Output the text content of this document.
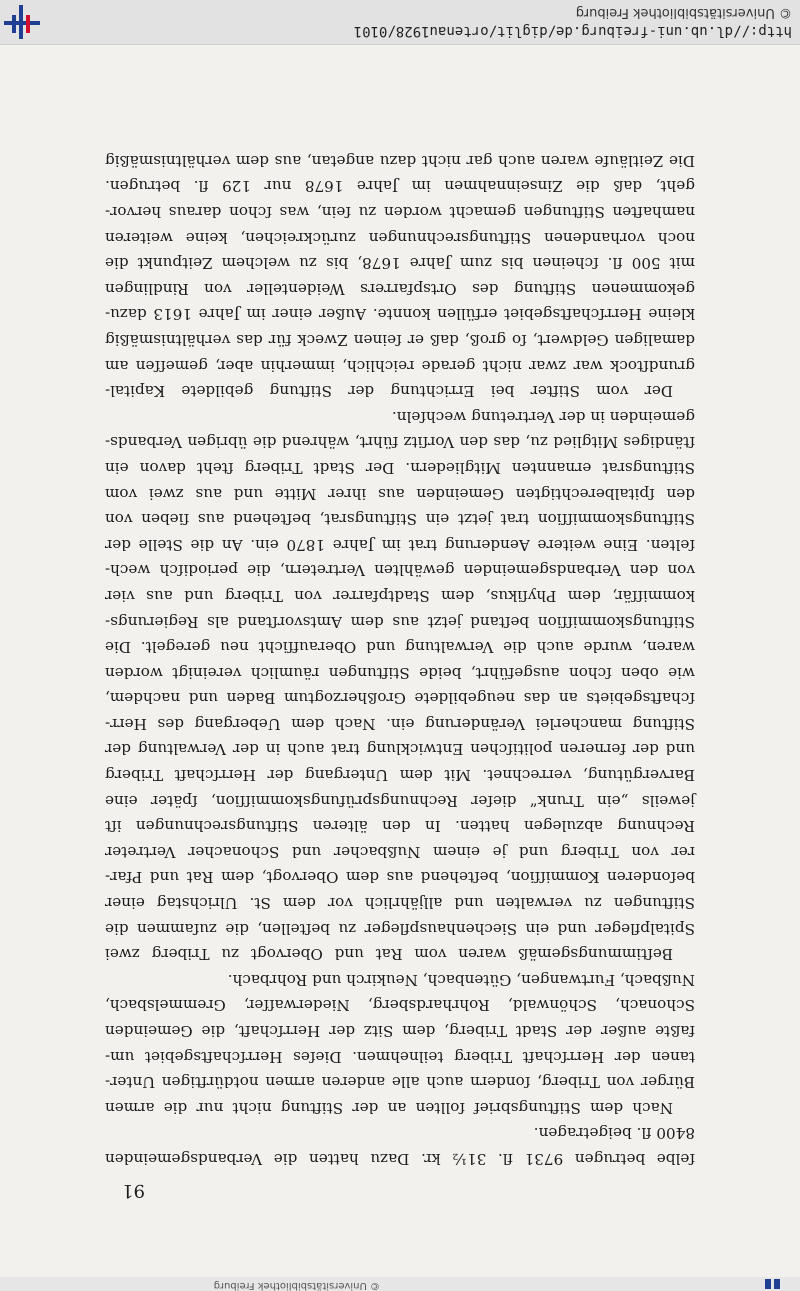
http://dl.ub.uni-freiburg.de/diglit/ortenau1928/0101
© Universitätsbibliothek Freiburg
© Universitätsbibliothek Freiburg
91
ſelbe betrugen 9731 fl. 31½ kr. Dazu hatten die Verbandsgemeinden
8400 fl. beigetragen.
Nach dem Stiftungsbrief ſollten an der Stiftung nicht nur die armen
Bürger von Triberg, ſondern auch alle anderen armen notdürftigen Unter-
tanen der Herrſchaft Triberg teilnehmen. Dieſes Herrſchaftsgebiet um-
faßte außer der Stadt Triberg, dem Sitz der Herrſchaft, die Gemeinden
Schonach, Schönwald, Rohrhardsberg, Niederwaſſer, Gremmelsbach,
Nußbach, Furtwangen, Gütenbach, Neukirch und Rohrbach.
Beſtimmungsgemäß waren vom Rat und Obervogt zu Triberg zwei
Spitalpfleger und ein Siechenhauspfleger zu beſtellen, die zuſammen die
Stiftungen zu verwalten und alljährlich vor dem St. Ulrichstag einer
beſonderen Kommiſſion, beſtehend aus dem Obervogt, dem Rat und Pfar-
rer von Triberg und je einem Nußbacher und Schonacher Vertreter
Rechnung abzulegen hatten. In den älteren Stiftungsrechnungen iſt
jeweils „ein Trunk“ dieſer Rechnungsprüfungskommiſſion, ſpäter eine
Barvergütung, verrechnet. Mit dem Untergang der Herrſchaft Triberg
und der ferneren politiſchen Entwicklung trat auch in der Verwaltung der
Stiftung mancherlei Veränderung ein. Nach dem Uebergang des Herr-
ſchaftsgebiets an das neugebildete Großherzogtum Baden und nachdem,
wie oben ſchon ausgeführt, beide Stiftungen räumlich vereinigt worden
waren, wurde auch die Verwaltung und Oberaufſicht neu geregelt. Die
Stiftungskommiſſion beſtand jetzt aus dem Amtsvorſtand als Regierungs-
kommiſſär, dem Phyſikus, dem Stadtpfarrer von Triberg und aus vier
von den Verbandsgemeinden gewählten Vertretern, die periodiſch wech-
ſelten. Eine weitere Aenderung trat im Jahre 1870 ein. An die Stelle der
Stiftungskommiſſion trat jetzt ein Stiftungsrat, beſtehend aus ſieben von
den ſpitalberechtigten Gemeinden aus ihrer Mitte und aus zwei vom
Stiftungsrat ernannten Mitgliedern. Der Stadt Triberg ſteht davon ein
ſtändiges Mitglied zu, das den Vorſitz führt, während die übrigen Verbands-
gemeinden in der Vertretung wechſeln.
Der vom Stifter bei Errichtung der Stiftung gebildete Kapital-
grundſtock war zwar nicht gerade reichlich, immerhin aber, gemeſſen am
damaligen Geldwert, ſo groß, daß er ſeinen Zweck für das verhältnismäßig
kleine Herrſchaftsgebiet erfüllen konnte. Außer einer im Jahre 1613 dazu-
gekommenen Stiftung des Ortspfarrers Weidenteller von Rindlingen
mit 500 fl. ſcheinen bis zum Jahre 1678, bis zu welchem Zeitpunkt die
noch vorhandenen Stiftungsrechnungen zurückreichen, keine weiteren
namhaften Stiftungen gemacht worden zu ſein, was ſchon daraus hervor-
geht, daß die Zinseinnahmen im Jahre 1678 nur 129 fl. betrugen.
Die Zeitläufe waren auch gar nicht dazu angetan, aus dem verhältnismäßig
